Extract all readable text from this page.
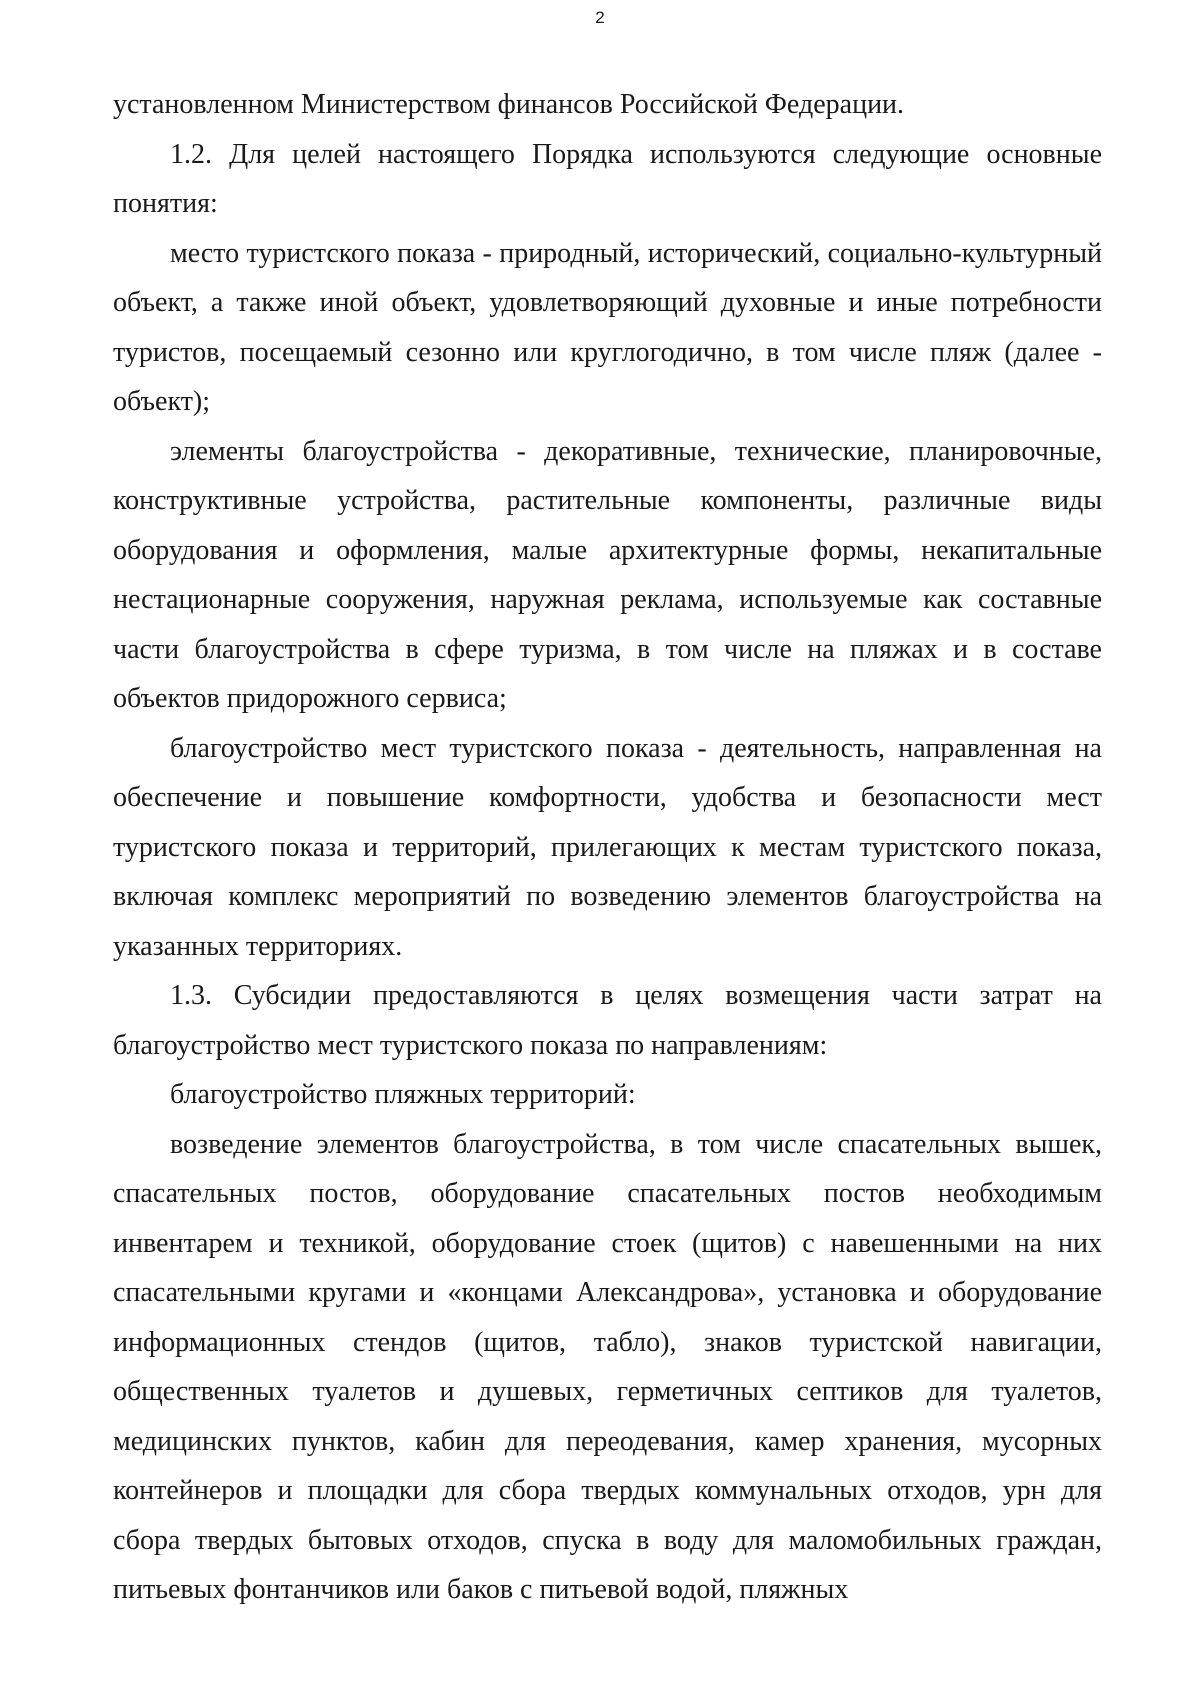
2

установленном Министерством финансов Российской Федерации.

1.2. Для целей настоящего Порядка используются следующие основные понятия:

место туристского показа - природный, исторический, социально-культурный объект, а также иной объект, удовлетворяющий духовные и иные потребности туристов, посещаемый сезонно или круглогодично, в том числе пляж (далее - объект);

элементы благоустройства - декоративные, технические, планировочные, конструктивные устройства, растительные компоненты, различные виды оборудования и оформления, малые архитектурные формы, некапитальные нестационарные сооружения, наружная реклама, используемые как составные части благоустройства в сфере туризма, в том числе на пляжах и в составе объектов придорожного сервиса;

благоустройство мест туристского показа - деятельность, направленная на обеспечение и повышение комфортности, удобства и безопасности мест туристского показа и территорий, прилегающих к местам туристского показа, включая комплекс мероприятий по возведению элементов благоустройства на указанных территориях.

1.3. Субсидии предоставляются в целях возмещения части затрат на благоустройство мест туристского показа по направлениям:

благоустройство пляжных территорий:

возведение элементов благоустройства, в том числе спасательных вышек, спасательных постов, оборудование спасательных постов необходимым инвентарем и техникой, оборудование стоек (щитов) с навешенными на них спасательными кругами и «концами Александрова», установка и оборудование информационных стендов (щитов, табло), знаков туристской навигации, общественных туалетов и душевых, герметичных септиков для туалетов, медицинских пунктов, кабин для переодевания, камер хранения, мусорных контейнеров и площадки для сбора твердых коммунальных отходов, урн для сбора твердых бытовых отходов, спуска в воду для маломобильных граждан, питьевых фонтанчиков или баков с питьевой водой, пляжных
